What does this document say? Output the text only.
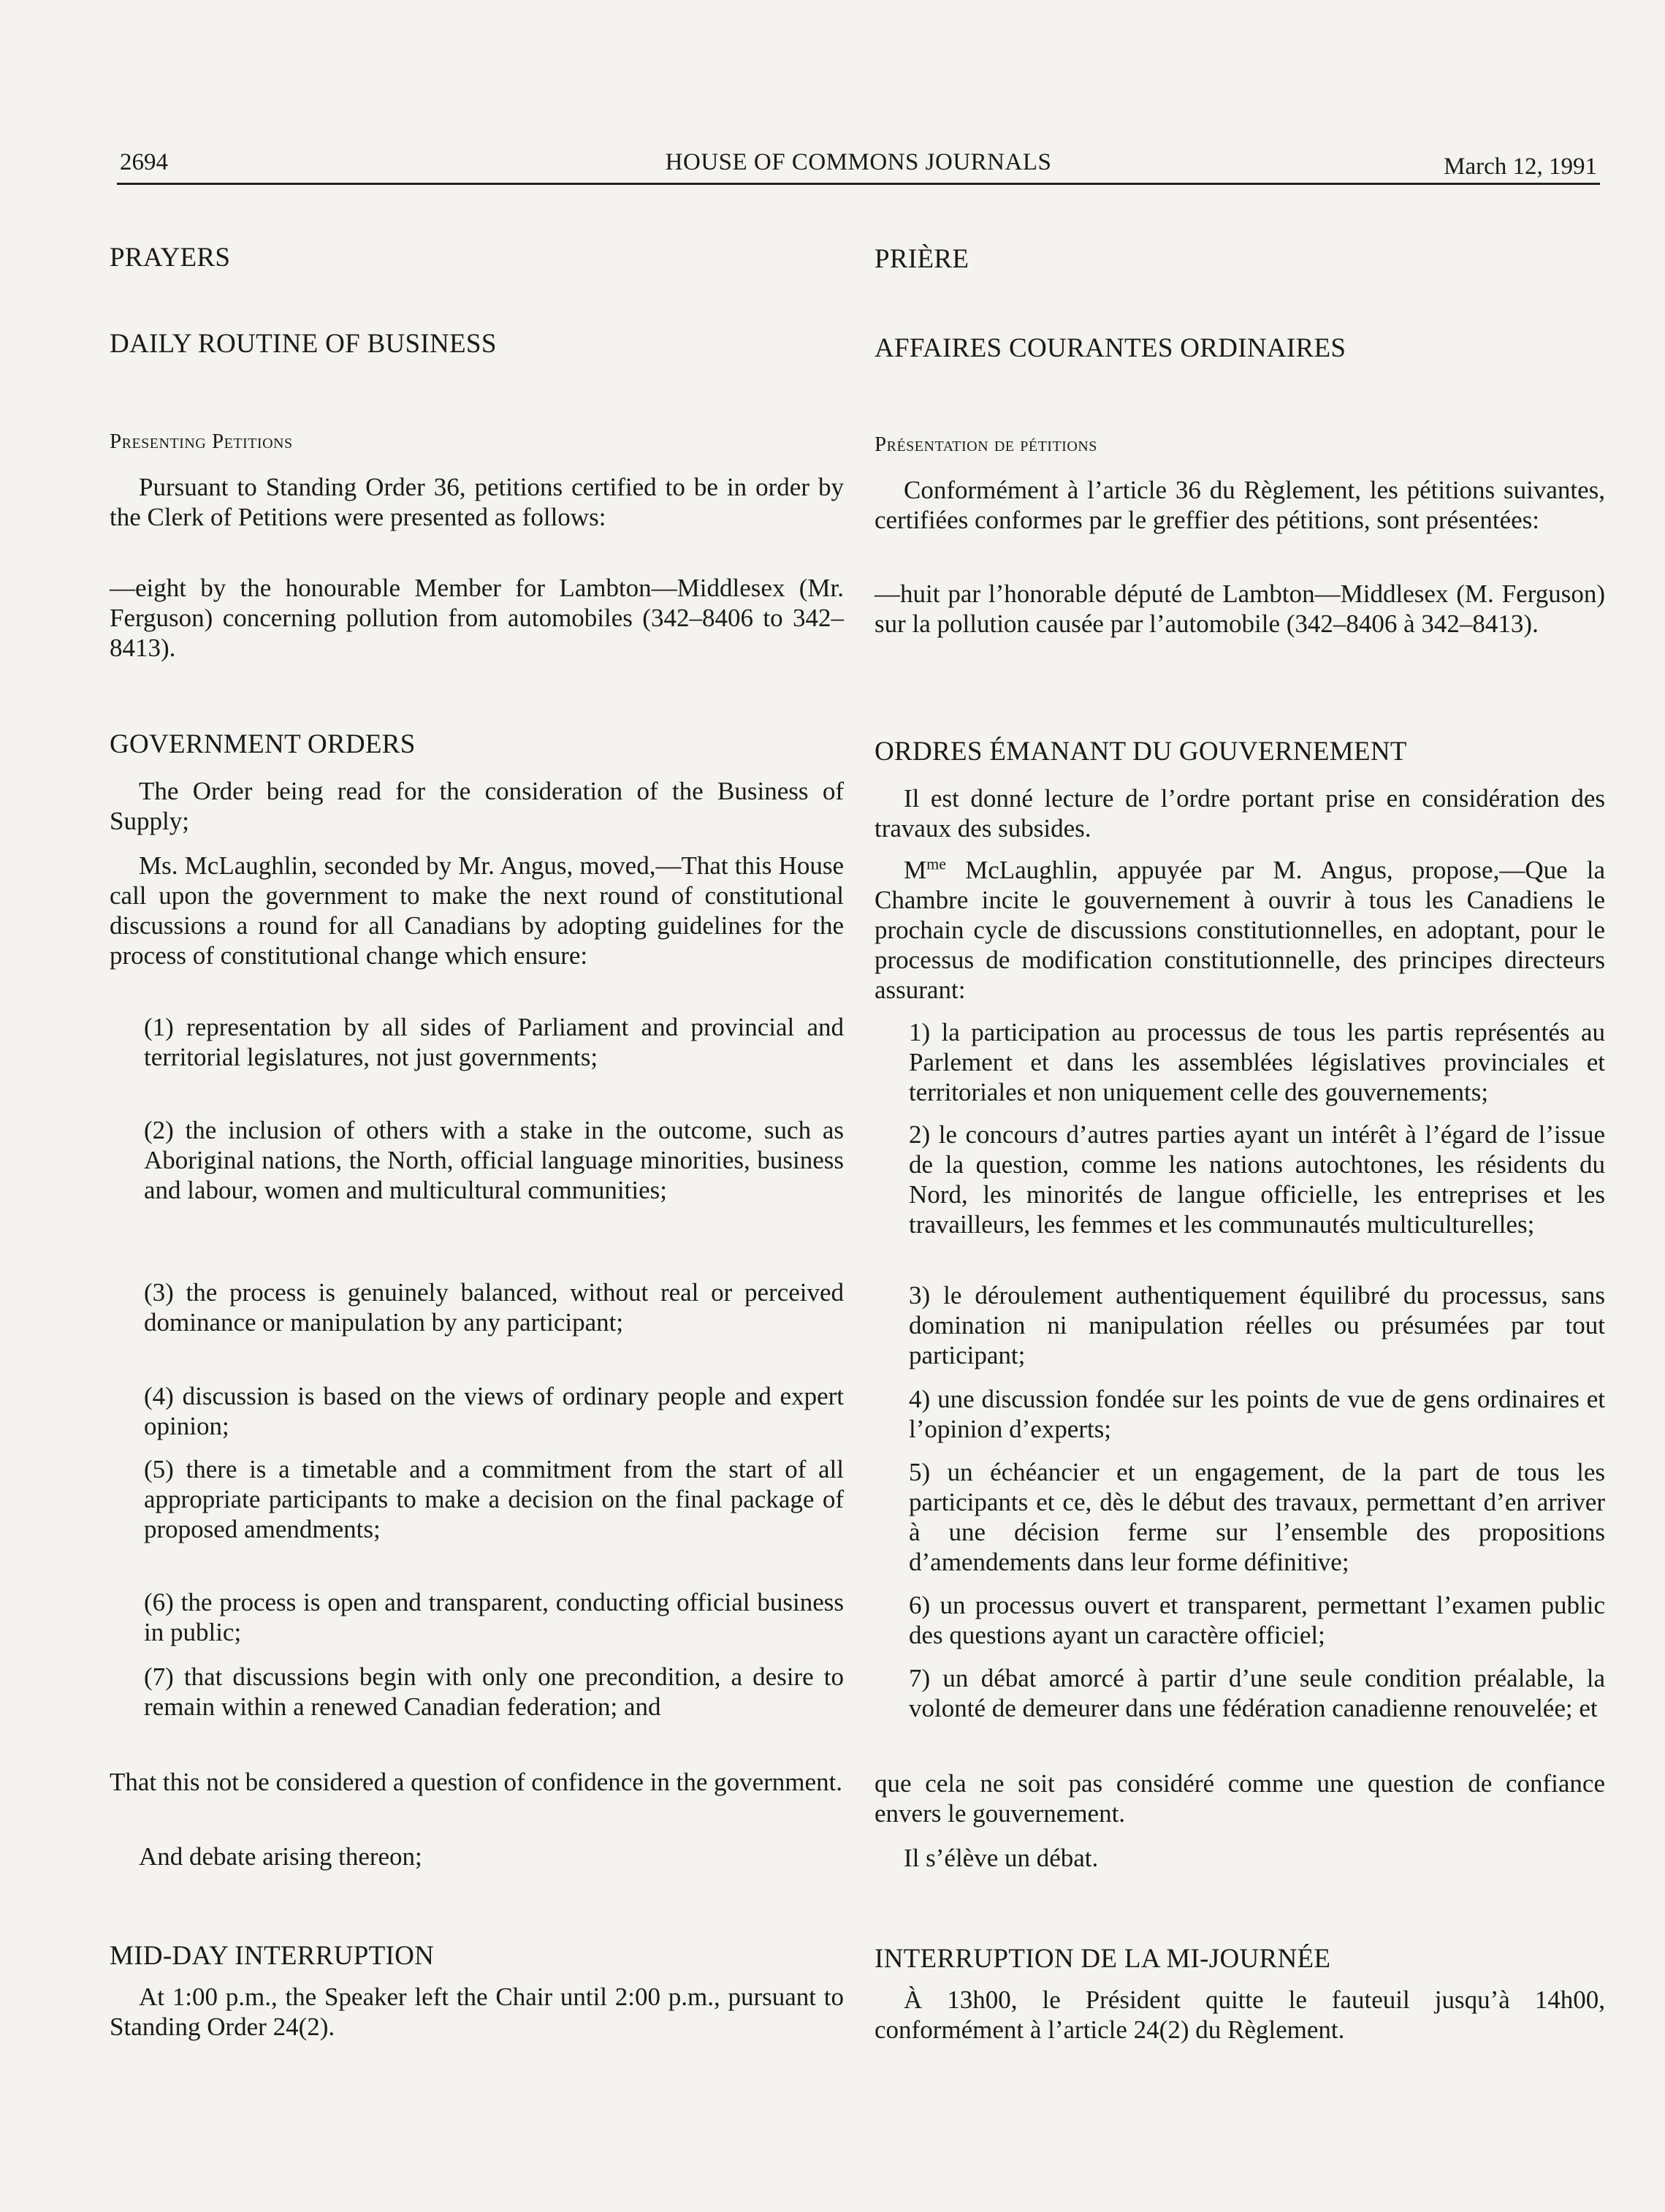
2694	HOUSE OF COMMONS JOURNALS	March 12, 1991
PRAYERS
DAILY ROUTINE OF BUSINESS
Presenting Petitions

Pursuant to Standing Order 36, petitions certified to be in order by the Clerk of Petitions were presented as follows:

—eight by the honourable Member for Lambton—Middlesex (Mr. Ferguson) concerning pollution from automobiles (342–8406 to 342–8413).

GOVERNMENT ORDERS

The Order being read for the consideration of the Business of Supply;

Ms. McLaughlin, seconded by Mr. Angus, moved,—That this House call upon the government to make the next round of constitutional discussions a round for all Canadians by adopting guidelines for the process of constitutional change which ensure:

(1) representation by all sides of Parliament and provincial and territorial legislatures, not just governments;

(2) the inclusion of others with a stake in the outcome, such as Aboriginal nations, the North, official language minorities, business and labour, women and multicultural communities;

(3) the process is genuinely balanced, without real or perceived dominance or manipulation by any participant;

(4) discussion is based on the views of ordinary people and expert opinion;

(5) there is a timetable and a commitment from the start of all appropriate participants to make a decision on the final package of proposed amendments;

(6) the process is open and transparent, conducting official business in public;

(7) that discussions begin with only one precondition, a desire to remain within a renewed Canadian federation; and

That this not be considered a question of confidence in the government.

And debate arising thereon;

MID-DAY INTERRUPTION

At 1:00 p.m., the Speaker left the Chair until 2:00 p.m., pursuant to Standing Order 24(2).

PRIÈRE
AFFAIRES COURANTES ORDINAIRES
Présentation de pétitions

Conformément à l’article 36 du Règlement, les pétitions suivantes, certifiées conformes par le greffier des pétitions, sont présentées:

—huit par l’honorable député de Lambton—Middlesex (M. Ferguson) sur la pollution causée par l’automobile (342–8406 à 342–8413).

ORDRES ÉMANANT DU GOUVERNEMENT

Il est donné lecture de l’ordre portant prise en considération des travaux des subsides.

$M^{me}$ McLaughlin, appuyée par M. Angus, propose,—Que la Chambre incite le gouvernement à ouvrir à tous les Canadiens le prochain cycle de discussions constitutionnelles, en adoptant, pour le processus de modification constitutionnelle, des principes directeurs assurant:

1) la participation au processus de tous les partis représentés au Parlement et dans les assemblées législatives provinciales et territoriales et non uniquement celle des gouvernements;

2) le concours d’autres parties ayant un intérêt à l’égard de l’issue de la question, comme les nations autochtones, les résidents du Nord, les minorités de langue officielle, les entreprises et les travailleurs, les femmes et les communautés multiculturelles;

3) le déroulement authentiquement équilibré du processus, sans domination ni manipulation réelles ou présumées par tout participant;

4) une discussion fondée sur les points de vue de gens ordinaires et l’opinion d’experts;

5) un échéancier et un engagement, de la part de tous les participants et ce, dès le début des travaux, permettant d’en arriver à une décision ferme sur l’ensemble des propositions d’amendements dans leur forme définitive;

6) un processus ouvert et transparent, permettant l’examen public des questions ayant un caractère officiel;

7) un débat amorcé à partir d’une seule condition préalable, la volonté de demeurer dans une fédération canadienne renouvelée; et

que cela ne soit pas considéré comme une question de confiance envers le gouvernement.

Il s’élève un débat.

INTERRUPTION DE LA MI-JOURNÉE

À 13h00, le Président quitte le fauteuil jusqu’à 14h00, conformément à l’article 24(2) du Règlement.
